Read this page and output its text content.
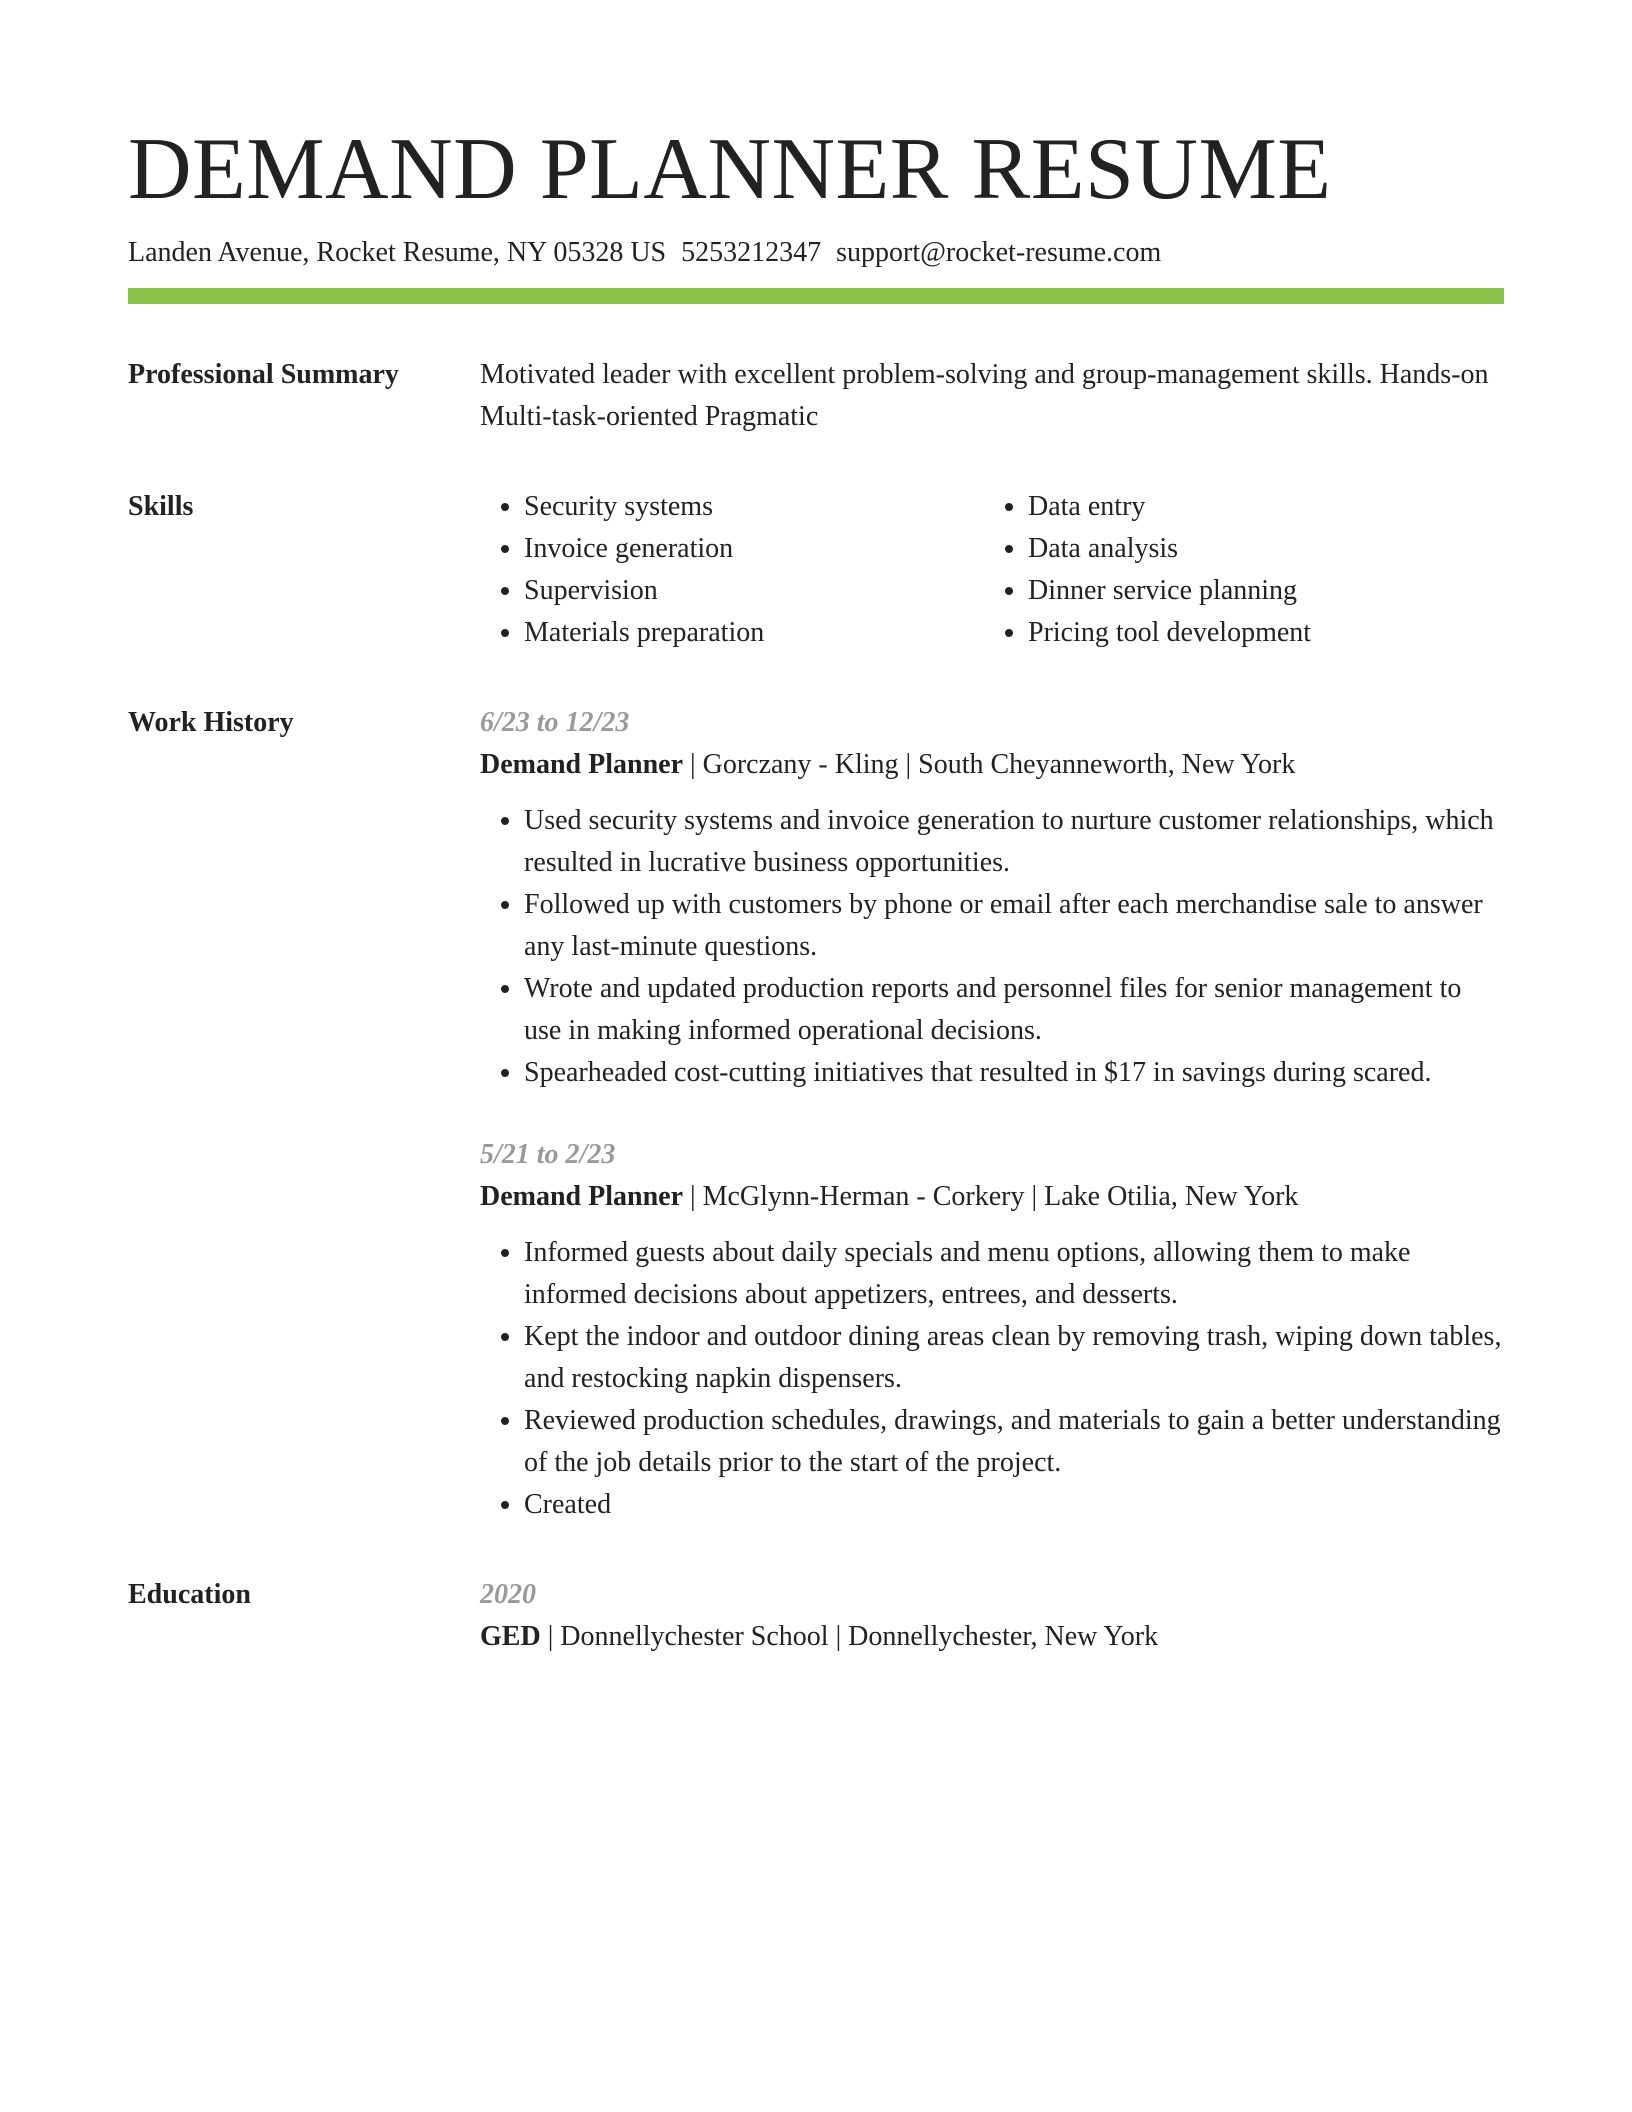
DEMAND PLANNER RESUME
Landen Avenue, Rocket Resume, NY 05328 US 5253212347 support@rocket-resume.com
Professional Summary	Motivated leader with excellent problem-solving and group-management skills. Hands-on Multi-task-oriented Pragmatic
Skills
•	Security systems
• Invoice generation
• Supervision
• Materials preparation
• Data entry
• Data analysis
• Dinner service planning
• Pricing tool development
Work History	6/23 to 12/23
Demand Planner | Gorczany - Kling | South Cheyanneworth, New York
• Used security systems and invoice generation to nurture customer relationships, which resulted in lucrative business opportunities.
• Followed up with customers by phone or email after each merchandise sale to answer any last-minute questions.
• Wrote and updated production reports and personnel files for senior management to use in making informed operational decisions.
• Spearheaded cost-cutting initiatives that resulted in $17 in savings during scared.
5/21 to 2/23
Demand Planner | McGlynn-Herman - Corkery | Lake Otilia, New York
• Informed guests about daily specials and menu options, allowing them to make informed decisions about appetizers, entrees, and desserts.
• Kept the indoor and outdoor dining areas clean by removing trash, wiping down tables, and restocking napkin dispensers.
• Reviewed production schedules, drawings, and materials to gain a better understanding of the job details prior to the start of the project.
• Created
Education	2020
GED | Donnellychester School | Donnellychester, New York
